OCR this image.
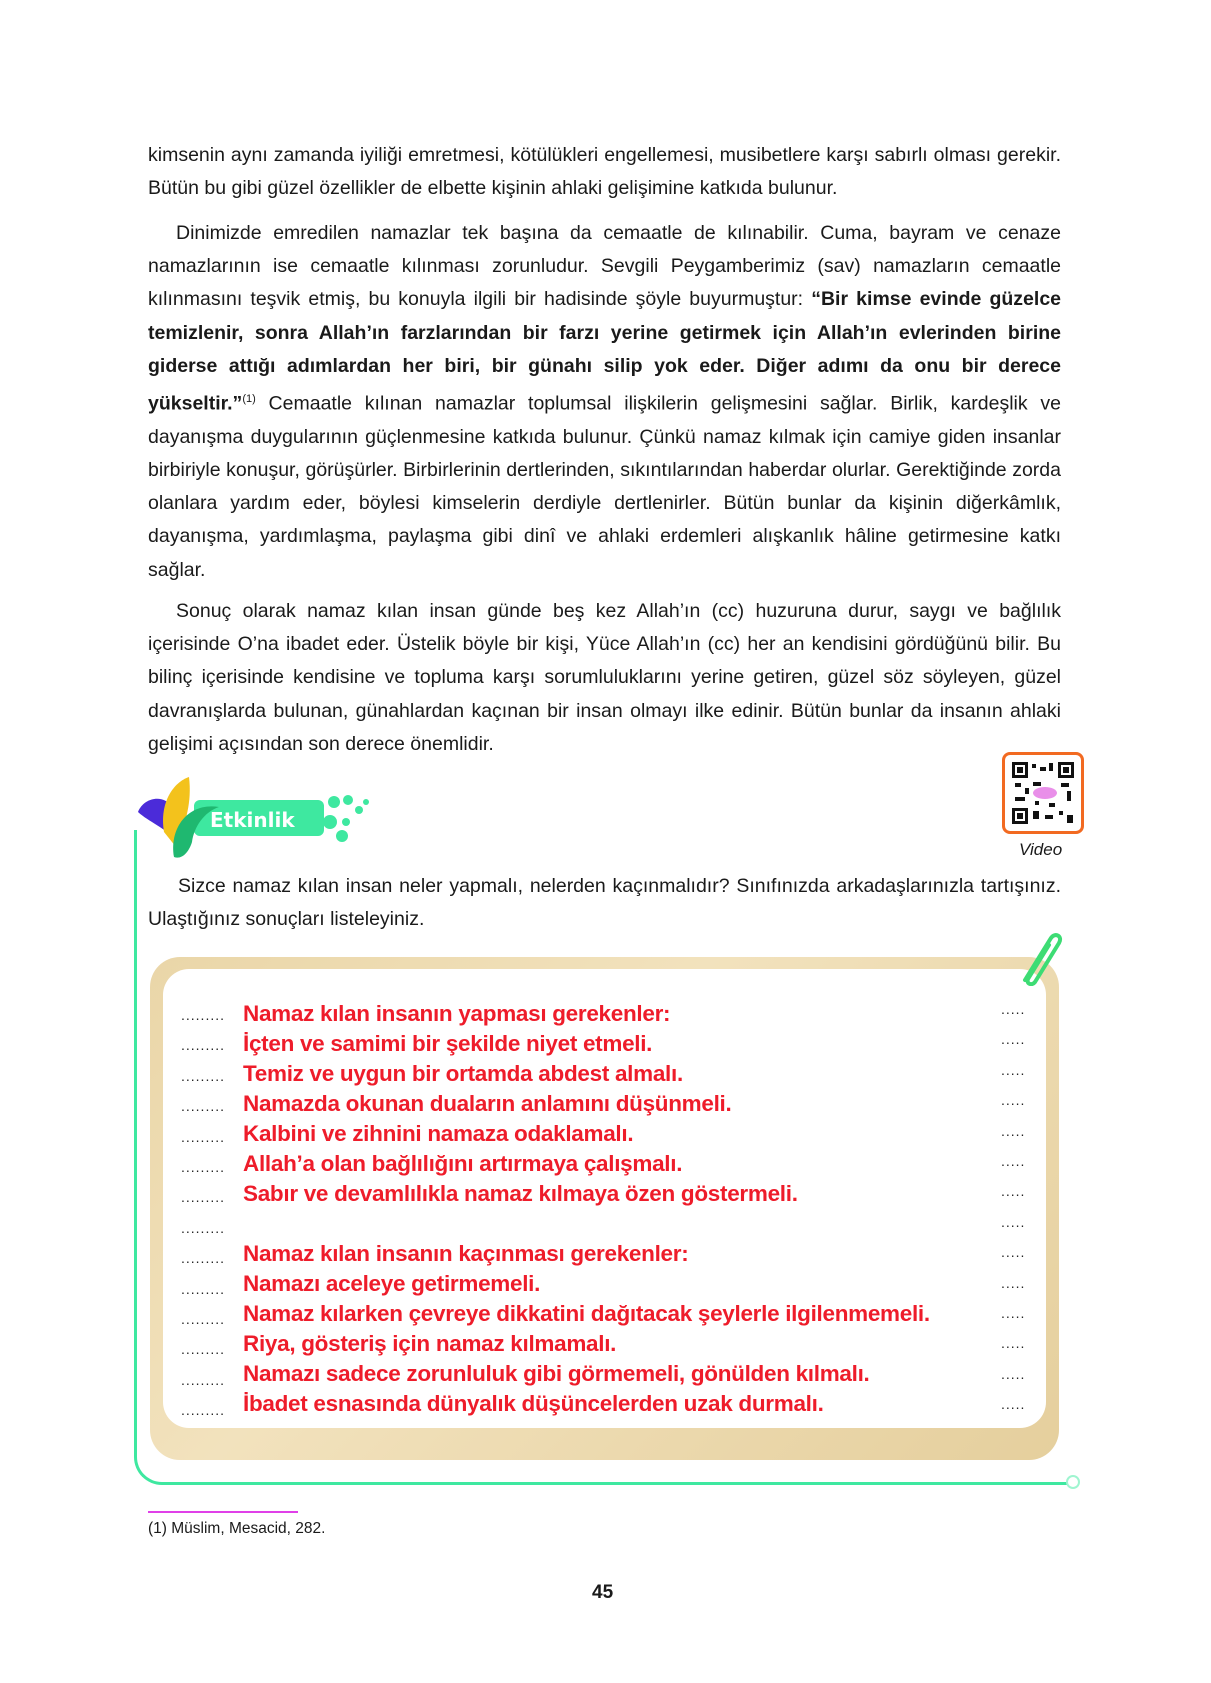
kimsenin aynı zamanda iyiliği emretmesi, kötülükleri engellemesi, musibetlere karşı sabırlı olması gerekir. Bütün bu gibi güzel özellikler de elbette kişinin ahlaki gelişimine katkıda bulunur.

Dinimizde emredilen namazlar tek başına da cemaatle de kılınabilir. Cuma, bayram ve cenaze namazlarının ise cemaatle kılınması zorunludur. Sevgili Peygamberimiz (sav) namazların cemaatle kılınmasını teşvik etmiş, bu konuyla ilgili bir hadisinde şöyle buyurmuştur: “Bir kimse evinde güzelce temizlenir, sonra Allah’ın farzlarından bir farzı yerine getirmek için Allah’ın evlerinden birine giderse attığı adımlardan her biri, bir günahı silip yok eder. Diğer adımı da onu bir derece yükseltir.”$^{(1)}$ Cemaatle kılınan namazlar toplumsal ilişkilerin gelişmesini sağlar. Birlik, kardeşlik ve dayanışma duygularının güçlenmesine katkıda bulunur. Çünkü namaz kılmak için camiye giden insanlar birbiriyle konuşur, görüşürler. Birbirlerinin dertlerinden, sıkıntılarından haberdar olurlar. Gerektiğinde zorda olanlara yardım eder, böylesi kimselerin derdiyle dertlenirler. Bütün bunlar da kişinin diğerkâmlık, dayanışma, yardımlaşma, paylaşma gibi dinî ve ahlaki erdemleri alışkanlık hâline getirmesine katkı sağlar.

Sonuç olarak namaz kılan insan günde beş kez Allah’ın (cc) huzuruna durur, saygı ve bağlılık içerisinde O’na ibadet eder. Üstelik böyle bir kişi, Yüce Allah’ın (cc) her an kendisini gördüğünü bilir. Bu bilinç içerisinde kendisine ve topluma karşı sorumluluklarını yerine getiren, güzel söz söyleyen, güzel davranışlarda bulunan, günahlardan kaçınan bir insan olmayı ilke edinir. Bütün bunlar da insanın ahlaki gelişimi açısından son derece önemlidir.

Etkinlik
Video
Sizce namaz kılan insan neler yapmalı, nelerden kaçınmalıdır? Sınıfınızda arkadaşlarınızla tartışınız. Ulaştığınız sonuçları listeleyiniz.
Namaz kılan insanın yapması gerekenler:
İçten ve samimi bir şekilde niyet etmeli.
Temiz ve uygun bir ortamda abdest almalı.
Namazda okunan duaların anlamını düşünmeli.
Kalbini ve zihnini namaza odaklamalı.
Allah’a olan bağlılığını artırmaya çalışmalı.
Sabır ve devamlılıkla namaz kılmaya özen göstermeli.
Namaz kılan insanın kaçınması gerekenler:
Namazı aceleye getirmemeli.
Namaz kılarken çevreye dikkatini dağıtacak şeylerle ilgilenmemeli.
Riya, gösteriş için namaz kılmamalı.
Namazı sadece zorunluluk gibi görmemeli, gönülden kılmalı.
İbadet esnasında dünyalık düşüncelerden uzak durmalı.
.........	.....
.........	.....
.........	.....
.........	.....
.........	.....
.........	.....
.........	.....
.........	.....
.........	.....
.........	.....
.........	.....
.........	.....
.........	.....
.........	.....
(1) Müslim, Mesacid, 282.
45
